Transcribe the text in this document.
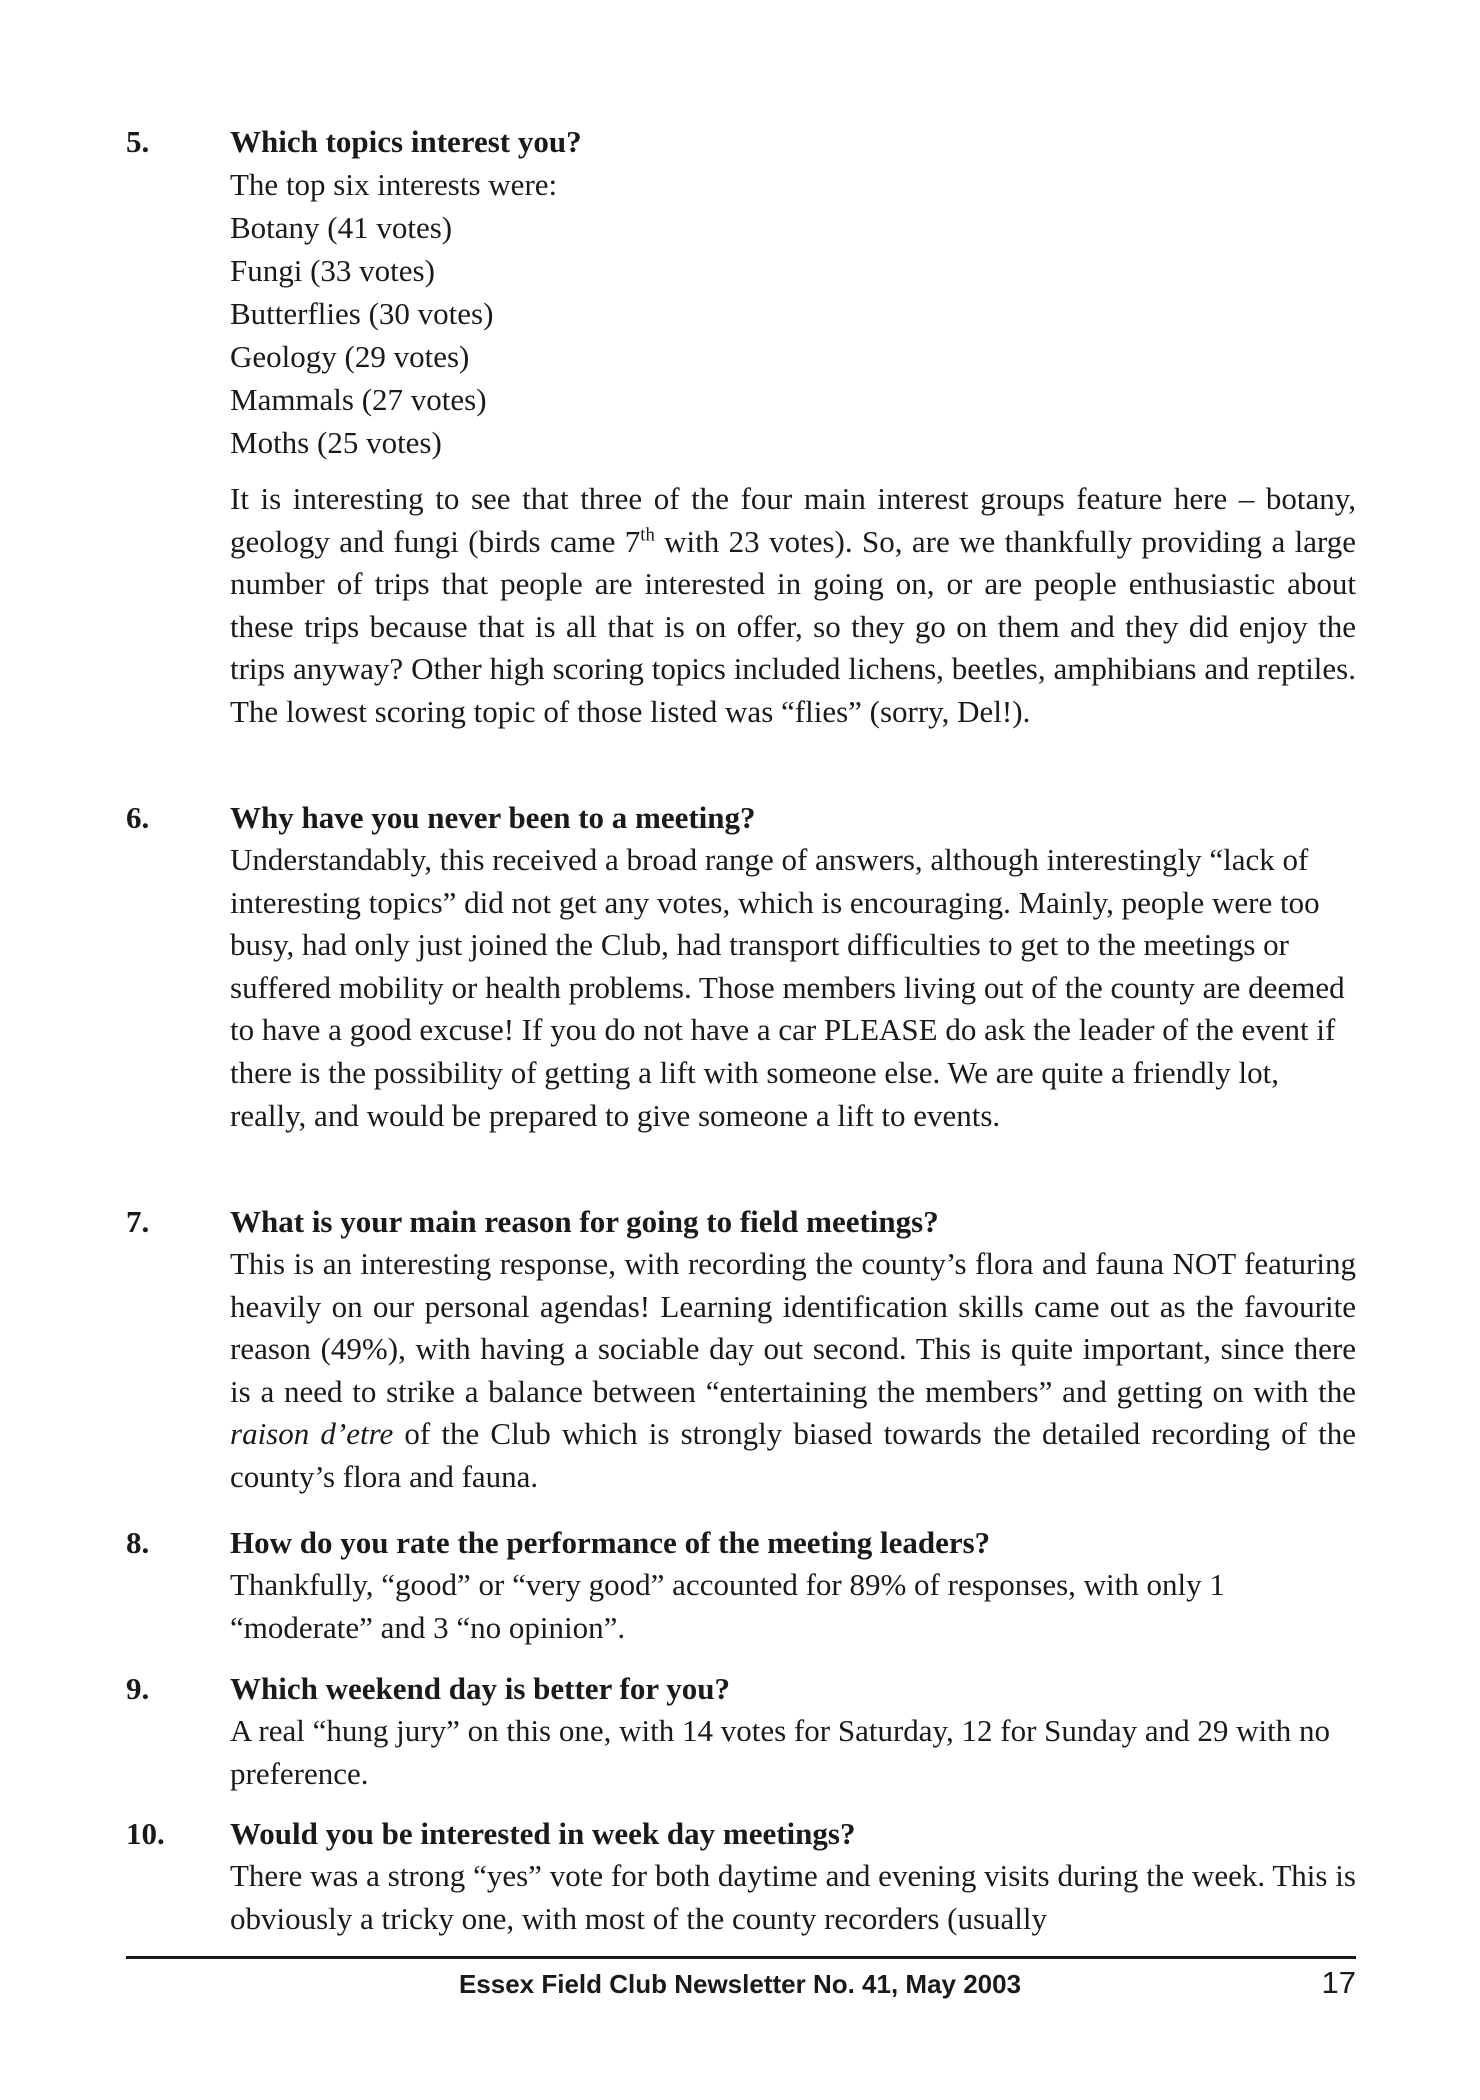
5.	Which topics interest you?

The top six interests were:

Botany (41 votes)

Fungi (33 votes)

Butterflies (30 votes)

Geology (29 votes)

Mammals (27 votes)

Moths (25 votes)

It is interesting to see that three of the four main interest groups feature here – botany, geology and fungi (birds came 7th with 23 votes). So, are we thankfully providing a large number of trips that people are interested in going on, or are people enthusiastic about these trips because that is all that is on offer, so they go on them and they did enjoy the trips anyway? Other high scoring topics included lichens, beetles, amphibians and reptiles. The lowest scoring topic of those listed was “flies” (sorry, Del!).

6.	Why have you never been to a meeting?

Understandably, this received a broad range of answers, although interestingly “lack of interesting topics” did not get any votes, which is encouraging. Mainly, people were too busy, had only just joined the Club, had transport difficulties to get to the meetings or suffered mobility or health problems. Those members living out of the county are deemed to have a good excuse! If you do not have a car PLEASE do ask the leader of the event if there is the possibility of getting a lift with someone else. We are quite a friendly lot, really, and would be prepared to give someone a lift to events.

7.	What is your main reason for going to field meetings?

This is an interesting response, with recording the county’s flora and fauna NOT featuring heavily on our personal agendas! Learning identification skills came out as the favourite reason (49%), with having a sociable day out second. This is quite important, since there is a need to strike a balance between “entertaining the members” and getting on with the raison d’etre of the Club which is strongly biased towards the detailed recording of the county’s flora and fauna.

8.	How do you rate the performance of the meeting leaders?

Thankfully, “good” or “very good” accounted for 89% of responses, with only 1 “moderate” and 3 “no opinion”.

9.	Which weekend day is better for you?

A real “hung jury” on this one, with 14 votes for Saturday, 12 for Sunday and 29 with no preference.

10. Would you be interested in week day meetings?

There was a strong “yes” vote for both daytime and evening visits during the week. This is obviously a tricky one, with most of the county recorders (usually

Essex Field Club Newsletter No. 41, May 2003	17
